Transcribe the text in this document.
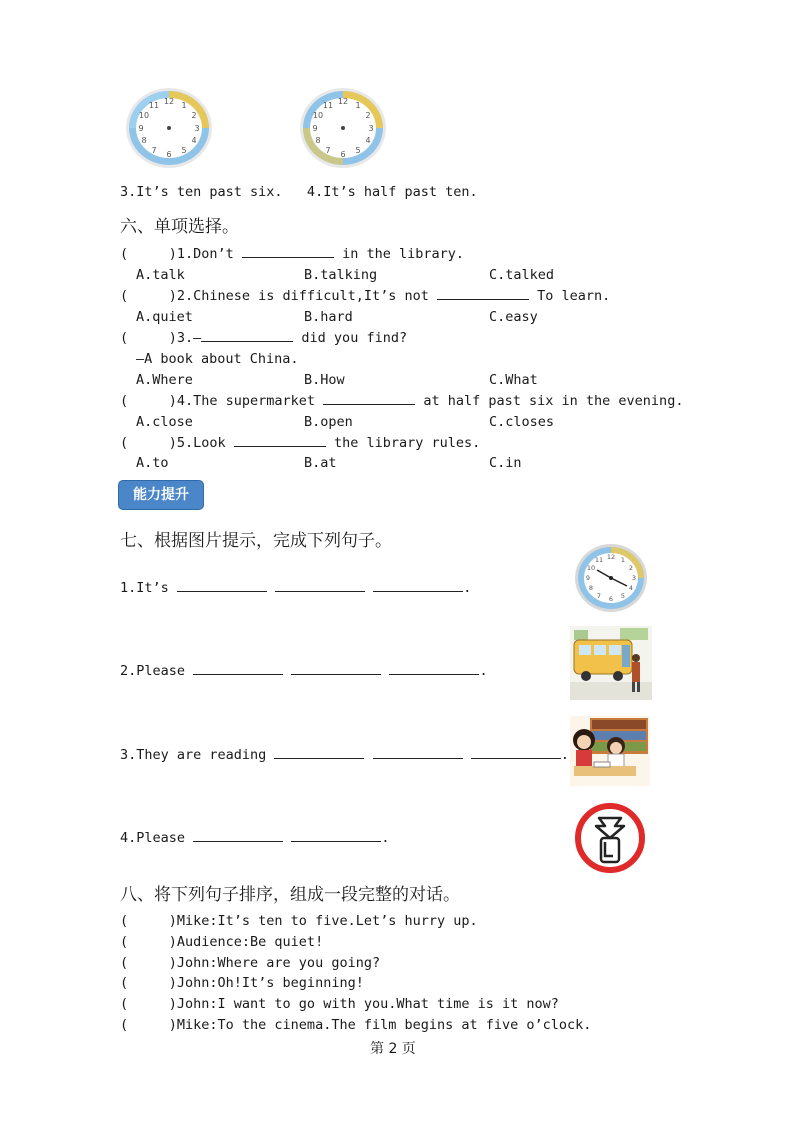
12 1
2
3
4
5
6
7
8
9
10
11	12 1
2
3
4
5
6
7
8
9
10
11
3.It’s ten past six.   4.It’s half past ten.
六、单项选择。
(     )1.Don’t	in the library.
A.talk	B.talking	C.talked
(     )2.Chinese is difficult,It’s not	To learn.
A.quiet	B.hard	C.easy
(     )3.—	did you find?
—A book about China.
A.Where	B.How	C.What
(     )4.The supermarket	at half past six in the evening.
A.close	B.open	C.closes
(     )5.Look	the library rules.
A.to	B.at	C.in
能力提升
七、根据图片提示，完成下列句子。
1.It’s	.
2.Please	.
3.They are reading	.
4.Please	.
12 1
2
3
4
5
6
7
8
9
10
11
八、将下列句子排序，组成一段完整的对话。
(     )Mike:It’s ten to five.Let’s hurry up.
(     )Audience:Be quiet!
(     )John:Where are you going?
(     )John:Oh!It’s beginning!
(     )John:I want to go with you.What time is it now?
(     )Mike:To the cinema.The film begins at five o’clock.
第 2 页
